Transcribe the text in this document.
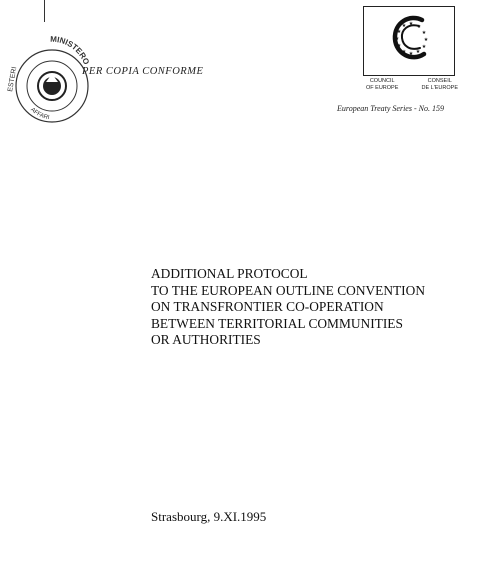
MINISTERO
AFFARI
ESTERI	PER COPIA CONFORME
★ ★
★
★
★
★
★
★
★
★
★
★
COUNCIL
OF EUROPE
CONSEIL
DE L'EUROPE
European Treaty Series - No. 159
ADDITIONAL PROTOCOL
TO THE EUROPEAN OUTLINE CONVENTION
ON TRANSFRONTIER CO-OPERATION
BETWEEN TERRITORIAL COMMUNITIES
OR AUTHORITIES
Strasbourg, 9.XI.1995
